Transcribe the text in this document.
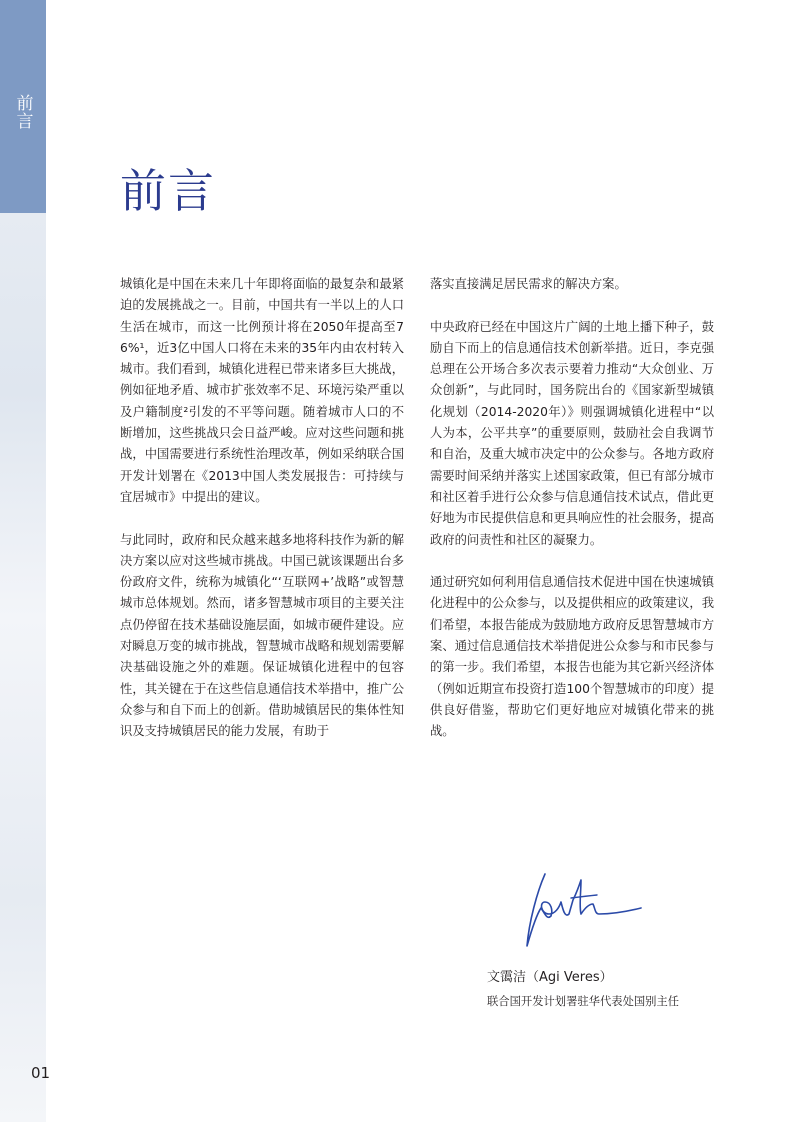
前言
前言

城镇化是中国在未来几十年即将面临的最复杂和最紧迫的发展挑战之一。目前，中国共有一半以上的人口生活在城市，而这一比例预计将在2050年提高至76%¹，近3亿中国人口将在未来的35年内由农村转入城市。我们看到，城镇化进程已带来诸多巨大挑战，例如征地矛盾、城市扩张效率不足、环境污染严重以及户籍制度²引发的不平等问题。随着城市人口的不断增加，这些挑战只会日益严峻。应对这些问题和挑战，中国需要进行系统性治理改革，例如采纳联合国开发计划署在《2013中国人类发展报告：可持续与宜居城市》中提出的建议。

与此同时，政府和民众越来越多地将科技作为新的解决方案以应对这些城市挑战。中国已就该课题出台多份政府文件，统称为城镇化“‘互联网+’战略”或智慧城市总体规划。然而，诸多智慧城市项目的主要关注点仍停留在技术基础设施层面，如城市硬件建设。应对瞬息万变的城市挑战，智慧城市战略和规划需要解决基础设施之外的难题。保证城镇化进程中的包容性，其关键在于在这些信息通信技术举措中，推广公众参与和自下而上的创新。借助城镇居民的集体性知识及支持城镇居民的能力发展，有助于

落实直接满足居民需求的解决方案。

中央政府已经在中国这片广阔的土地上播下种子，鼓励自下而上的信息通信技术创新举措。近日，李克强总理在公开场合多次表示要着力推动“大众创业、万众创新”，与此同时，国务院出台的《国家新型城镇化规划（2014-2020年）》则强调城镇化进程中“以人为本，公平共享”的重要原则，鼓励社会自我调节和自治，及重大城市决定中的公众参与。各地方政府需要时间采纳并落实上述国家政策，但已有部分城市和社区着手进行公众参与信息通信技术试点，借此更好地为市民提供信息和更具响应性的社会服务，提高政府的问责性和社区的凝聚力。

通过研究如何利用信息通信技术促进中国在快速城镇化进程中的公众参与，以及提供相应的政策建议，我们希望，本报告能成为鼓励地方政府反思智慧城市方案、通过信息通信技术举措促进公众参与和市民参与的第一步。我们希望，本报告也能为其它新兴经济体（例如近期宣布投资打造100个智慧城市的印度）提供良好借鉴，帮助它们更好地应对城镇化带来的挑战。

文霭洁（Agi Veres）
联合国开发计划署驻华代表处国别主任
01
